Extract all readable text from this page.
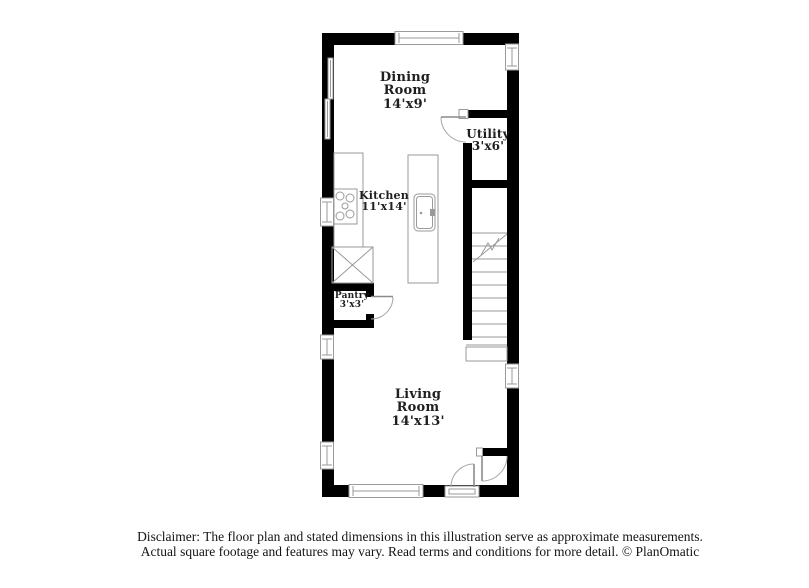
Dining
Room
14'x9'
Utility
3'x6'
Kitchen
11'x14'
Pantry
3'x3'
Living
Room
14'x13'
Disclaimer: The floor plan and stated dimensions in this illustration serve as approximate measurements.
Actual square footage and features may vary. Read terms and conditions for more detail. © PlanOmatic
